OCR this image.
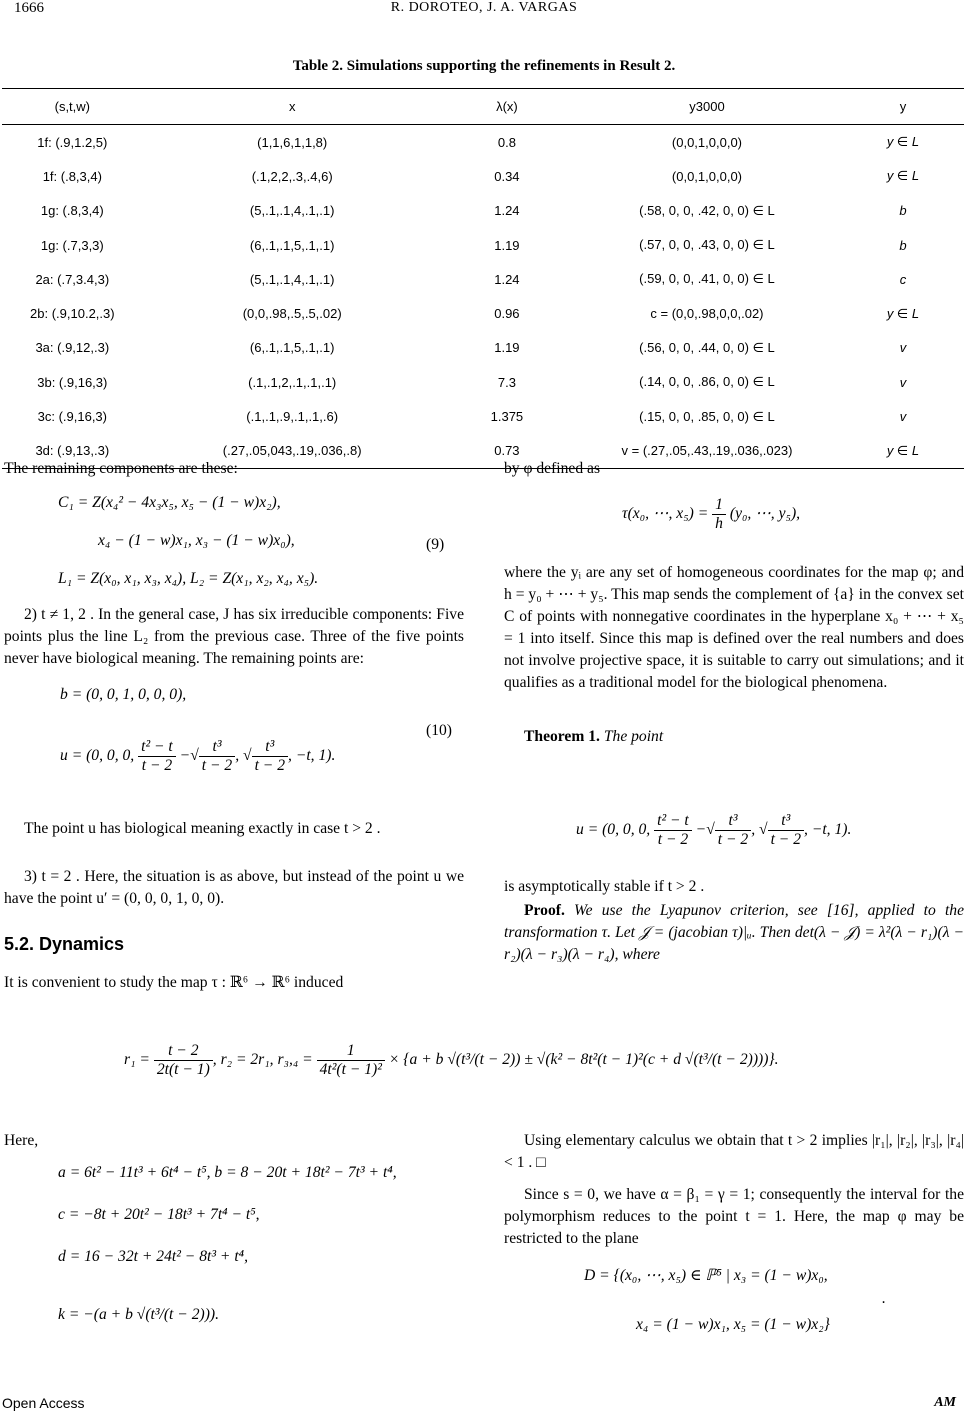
1666	R. DOROTEO, J. A. VARGAS
Table 2. Simulations supporting the refinements in Result 2.
(s,t,w)	x	λ(x)	y3000	y
1f: (.9,1.2,5)	(1,1,6,1,1,8)	0.8	(0,0,1,0,0,0)	y ∈ L
1f: (.8,3,4)	(.1,2,2,.3,.4,6)	0.34	(0,0,1,0,0,0)	y ∈ L
1g: (.8,3,4)	(5,.1,.1,4,.1,.1)	1.24	(.58, 0, 0, .42, 0, 0) ∈ L	b
1g: (.7,3,3)	(6,.1,.1,5,.1,.1)	1.19	(.57, 0, 0, .43, 0, 0) ∈ L	b
2a: (.7,3.4,3)	(5,.1,.1,4,.1,.1)	1.24	(.59, 0, 0, .41, 0, 0) ∈ L	c
2b: (.9,10.2,.3)	(0,0,.98,.5,.5,.02)	0.96	c = (0,0,.98,0,0,.02)	y ∈ L
3a: (.9,12,.3)	(6,.1,.1,5,.1,.1)	1.19	(.56, 0, 0, .44, 0, 0) ∈ L	v
3b: (.9,16,3)	(.1,.1,2,.1,.1,.1)	7.3	(.14, 0, 0, .86, 0, 0) ∈ L	v
3c: (.9,16,3)	(.1,.1,.9,.1,.1,.6)	1.375	(.15, 0, 0, .85, 0, 0) ∈ L	v
3d: (.9,13,.3)	(.27,.05,043,.19,.036,.8)	0.73	v = (.27,.05,.43,.19,.036,.023)	y ∈ L

The remaining components are these:

C₁ = Z(x₄² − 4x₃x₅, x₅ − (1 − w)x₂),
x₄ − (1 − w)x₁, x₃ − (1 − w)x₀),
L₁ = Z(x₀, x₁, x₃, x₄), L₂ = Z(x₁, x₂, x₄, x₅).
(9)

2) t ≠ 1, 2 . In the general case, J has six irreducible components: Five points plus the line L₂ from the previous case. Three of the five points never have biological meaning. The remaining points are:

b = (0, 0, 1, 0, 0, 0),
u = (0, 0, 0, $\frac{\text{t² − t}}{t - 2}$ −√ $\frac{\text{t³}}{t - 2}$ , √ $\frac{\text{t³}}{t - 2}$ , −t, 1).
(10)

The point u has biological meaning exactly in case t > 2 .

3) t = 2 . Here, the situation is as above, but instead of the point u we have the point u′ = (0, 0, 0, 1, 0, 0).

5.2. Dynamics

It is convenient to study the map τ : ℝ⁶ → ℝ⁶ induced

by φ defined as

τ(x₀, ⋯, $x_5) = \frac{1}{h} (y_0$, ⋯, y₅),

where the yᵢ are any set of homogeneous coordinates for the map φ; and h = y₀ + ⋯ + y₅. This map sends the complement of {a} in the convex set C of points with nonnegative coordinates in the hyperplane x₀ + ⋯ + x₅ = 1 into itself. Since this map is defined over the real numbers and does not involve projective space, it is suitable to carry out simulations; and it qualifies as a traditional model for the biological phenomena.

Theorem 1. The point

u = (0, 0, 0, $\frac{\text{t² − t}}{t - 2}$ −√ $\frac{\text{t³}}{t - 2}$ , √ $\frac{\text{t³}}{t - 2}$ , −t, 1).

is asymptotically stable if t > 2 .

Proof. We use the Lyapunov criterion, see [16], applied to the transformation τ. Let 𝒥 = (jacobian τ)|ᵤ. Then det(λ − 𝒥) = λ²(λ − r₁)(λ − r₂)(λ − r₃)(λ − r₄), where

$r_1 = \frac{t - 2}{2t(t - 1)}$ , r₂ = 2r₁, $r_3,_4 = \frac{1}{\text{4t²(t − 1)²}} \times \{a + b$ √(t³/(t − 2)) ± √(k² − 8t²(t − 1)²(c + d √(t³/(t − 2))))}.

Here,

a = 6t² − 11t³ + 6t⁴ − t⁵, b = 8 − 20t + 18t² − 7t³ + t⁴,
c = −8t + 20t² − 18t³ + 7t⁴ − t⁵,
d = 16 − 32t + 24t² − 8t³ + t⁴,
k = −(a + b √(t³/(t − 2))).

Using elementary calculus we obtain that t > 2 implies |r₁|, |r₂|, |r₃|, |r₄| < 1 . □

Since s = 0, we have α = β₁ = γ = 1; consequently the interval for the polymorphism reduces to the point t = 1. Here, the map φ may be restricted to the plane

D = {(x₀, ⋯, x₅) ∈ ℙ⁵ | x₃ = (1 − w)x₀,
x₄ = (1 − w)x₁, x₅ = (1 − w)x₂}
.
Open Access	AM
